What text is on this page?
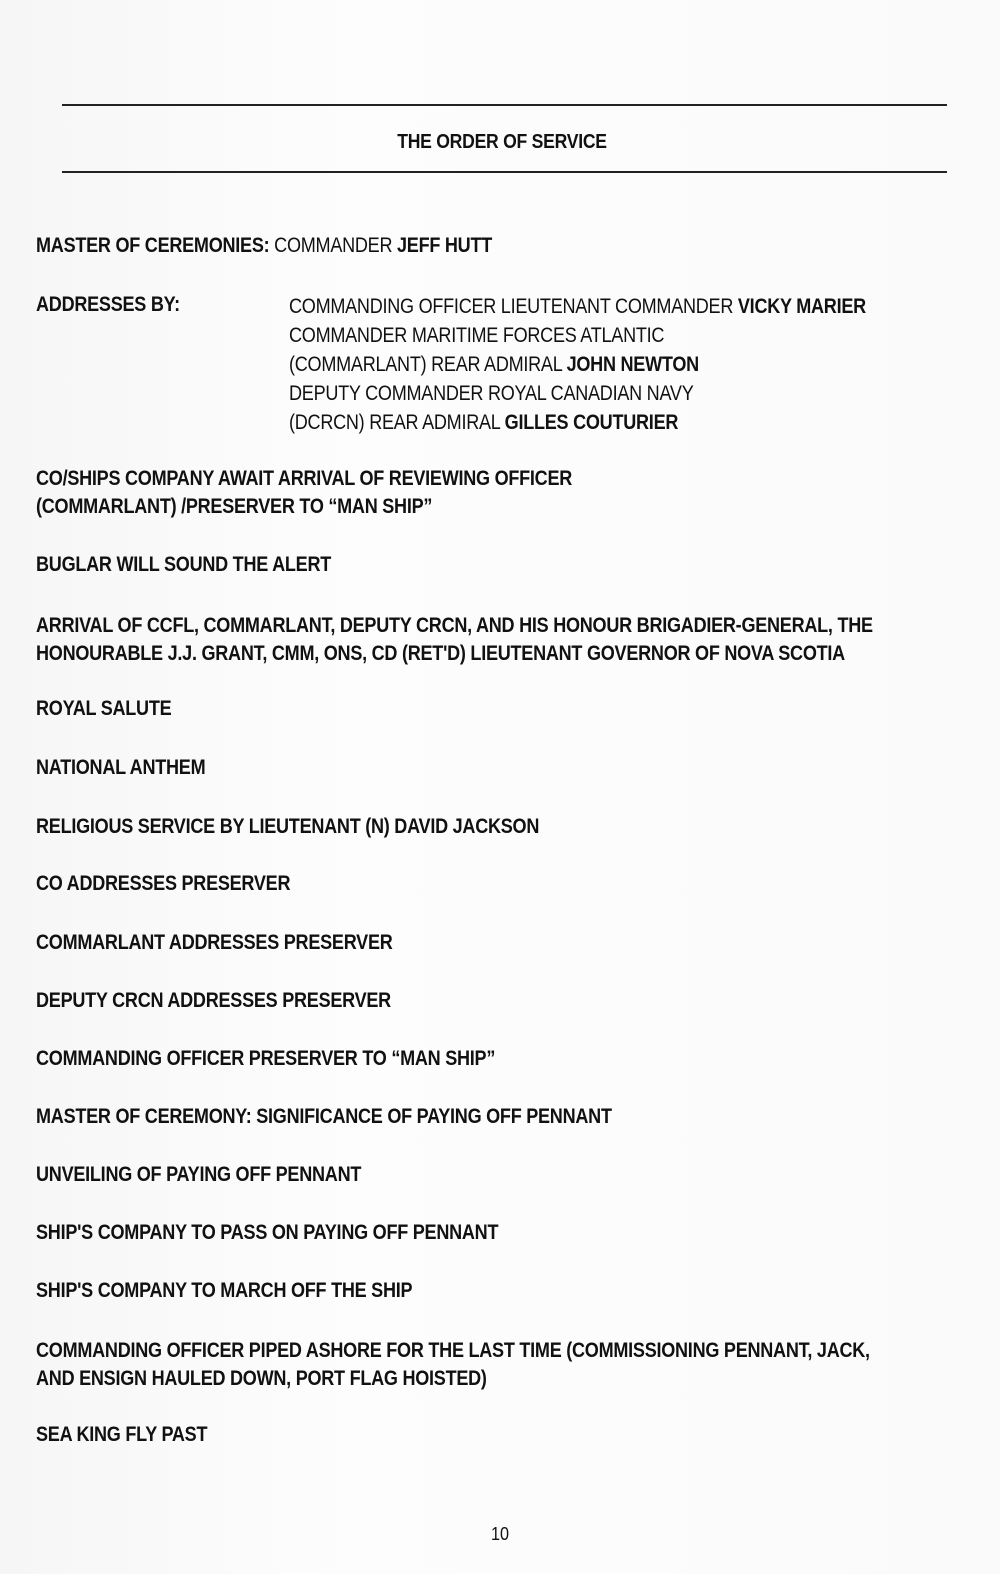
THE ORDER OF SERVICE
MASTER OF CEREMONIES: COMMANDER JEFF HUTT
ADDRESSES BY:	COMMANDING OFFICER LIEUTENANT COMMANDER VICKY MARIER
COMMANDER MARITIME FORCES ATLANTIC
(COMMARLANT) REAR ADMIRAL JOHN NEWTON
DEPUTY COMMANDER ROYAL CANADIAN NAVY
(DCRCN) REAR ADMIRAL GILLES COUTURIER
CO/SHIPS COMPANY AWAIT ARRIVAL OF REVIEWING OFFICER
(COMMARLANT) /PRESERVER TO “MAN SHIP”
BUGLAR WILL SOUND THE ALERT
ARRIVAL OF CCFL, COMMARLANT, DEPUTY CRCN, AND HIS HONOUR BRIGADIER-GENERAL, THE
HONOURABLE J.J. GRANT, CMM, ONS, CD (RET'D) LIEUTENANT GOVERNOR OF NOVA SCOTIA
ROYAL SALUTE
NATIONAL ANTHEM
RELIGIOUS SERVICE BY LIEUTENANT (N) DAVID JACKSON
CO ADDRESSES PRESERVER
COMMARLANT ADDRESSES PRESERVER
DEPUTY CRCN ADDRESSES PRESERVER
COMMANDING OFFICER PRESERVER TO “MAN SHIP”
MASTER OF CEREMONY: SIGNIFICANCE OF PAYING OFF PENNANT
UNVEILING OF PAYING OFF PENNANT
SHIP'S COMPANY TO PASS ON PAYING OFF PENNANT
SHIP'S COMPANY TO MARCH OFF THE SHIP
COMMANDING OFFICER PIPED ASHORE FOR THE LAST TIME (COMMISSIONING PENNANT, JACK,
AND ENSIGN HAULED DOWN, PORT FLAG HOISTED)
SEA KING FLY PAST
10
